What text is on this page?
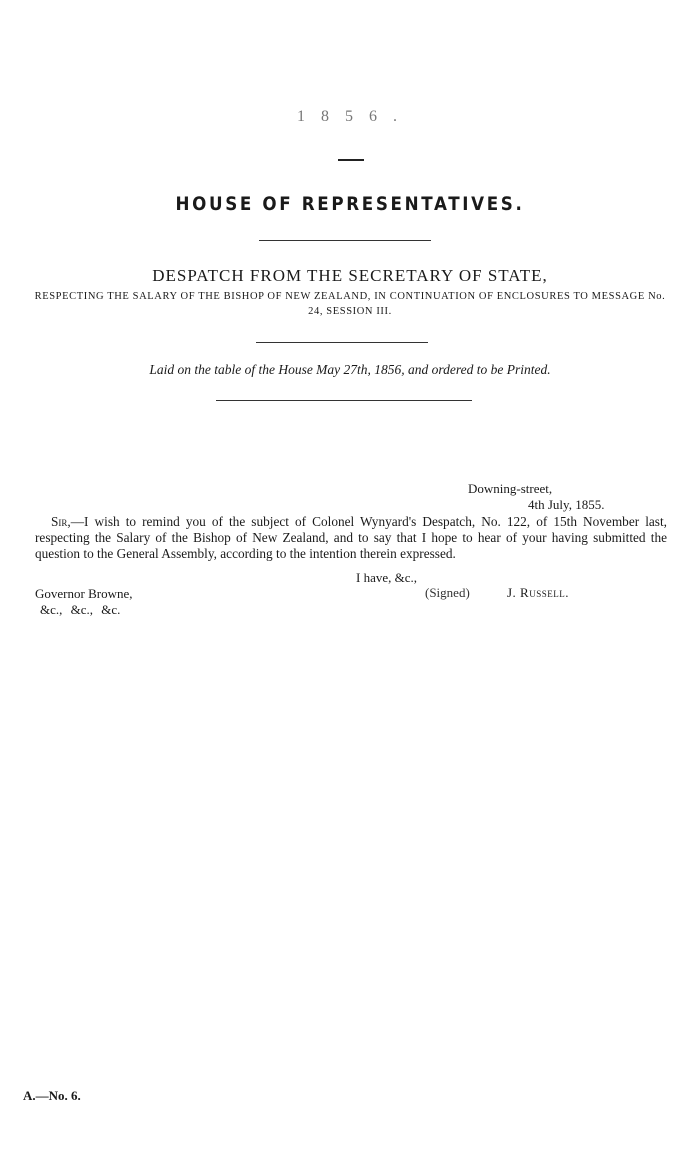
1 8 5 6 .
HOUSE OF REPRESENTATIVES.
DESPATCH FROM THE SECRETARY OF STATE,
RESPECTING THE SALARY OF THE BISHOP OF NEW ZEALAND, IN CONTINUATION OF ENCLOSURES TO MESSAGE No. 24, SESSION III.
Laid on the table of the House May 27th, 1856, and ordered to be Printed.
Downing-street,
4th July, 1855.
Sir,—I wish to remind you of the subject of Colonel Wynyard's Despatch, No. 122, of 15th November last, respecting the Salary of the Bishop of New Zealand, and to say that I hope to hear of your having submitted the question to the General Assembly, according to the intention therein expressed.
I have, &c.,
Governor Browne,	(Signed)	J. Russell.
&c., &c., &c.
A.—No. 6.
